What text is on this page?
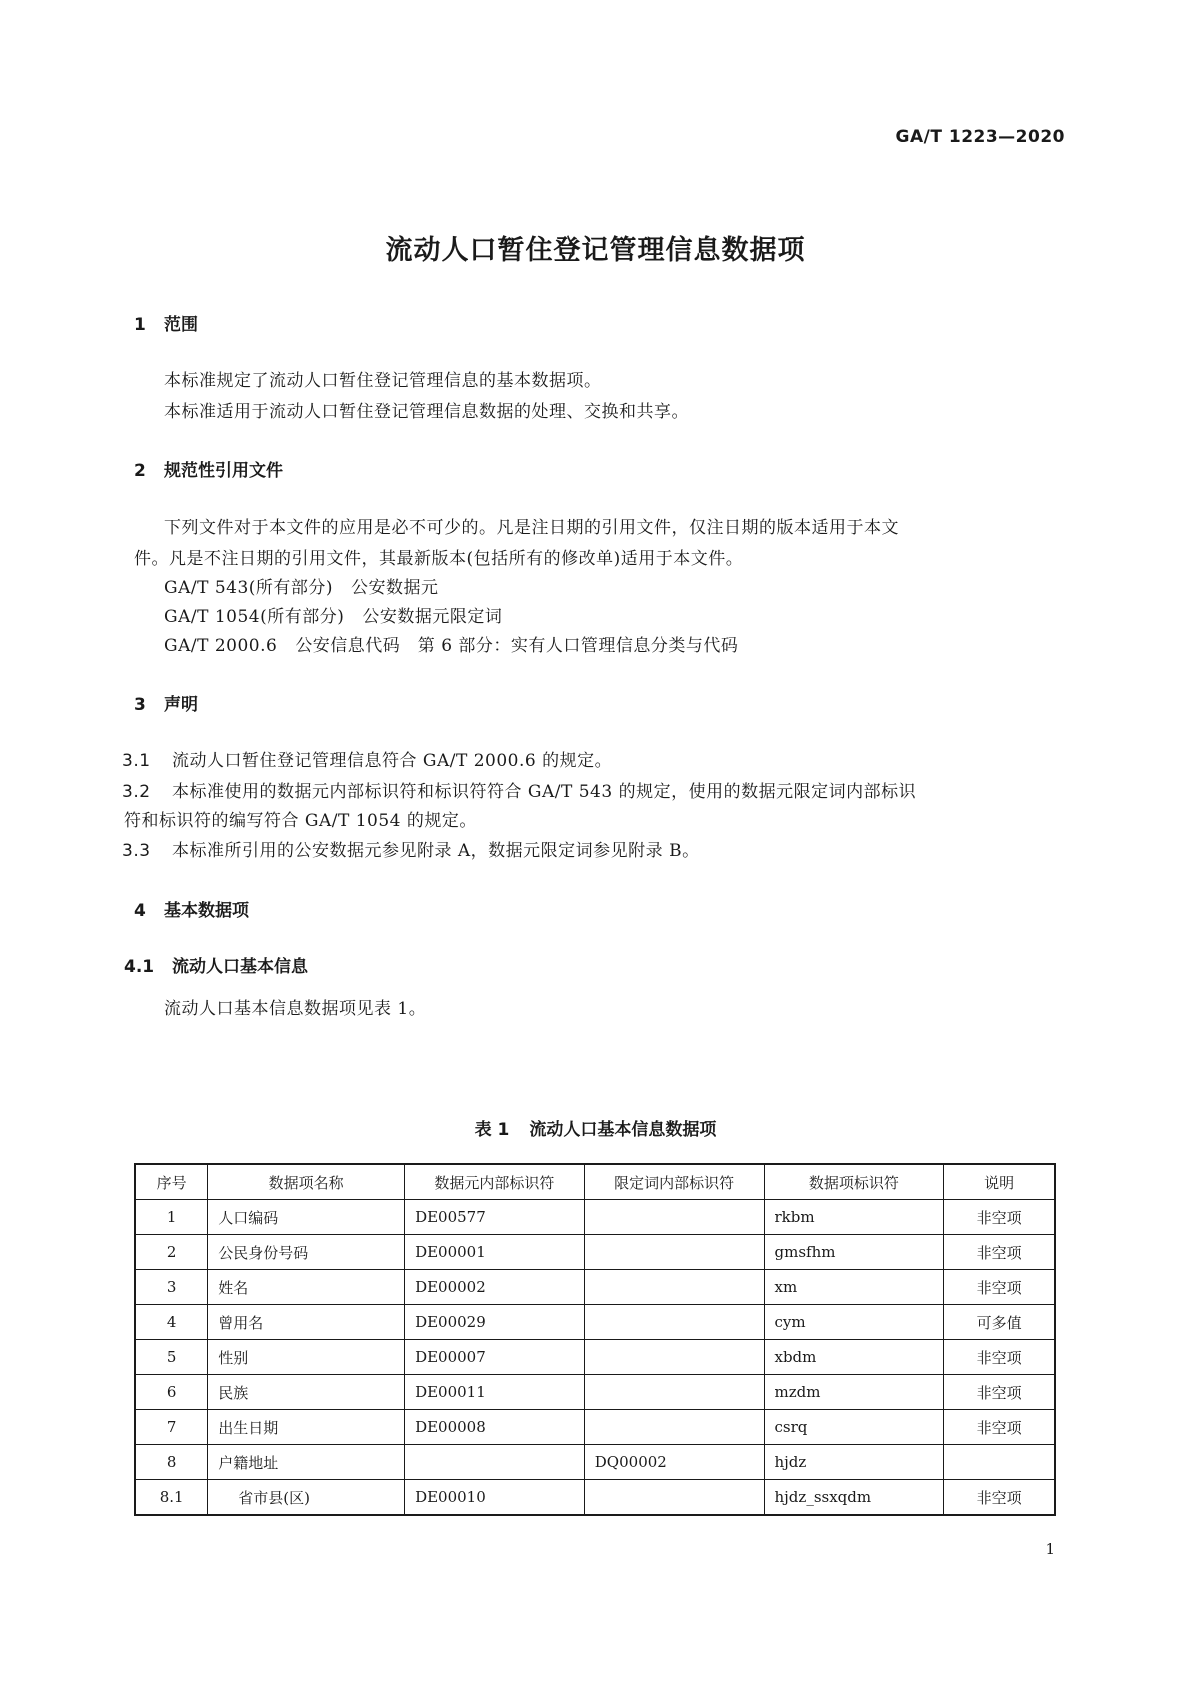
GA/T 1223—2020
流动人口暂住登记管理信息数据项
1 范围
本标准规定了流动人口暂住登记管理信息的基本数据项。
本标准适用于流动人口暂住登记管理信息数据的处理、交换和共享。
2 规范性引用文件
下列文件对于本文件的应用是必不可少的。凡是注日期的引用文件，仅注日期的版本适用于本文
件。凡是不注日期的引用文件，其最新版本(包括所有的修改单)适用于本文件。
GA/T 543(所有部分) 公安数据元
GA/T 1054(所有部分) 公安数据元限定词
GA/T 2000.6 公安信息代码　第 6 部分：实有人口管理信息分类与代码
3 声明
3.1 流动人口暂住登记管理信息符合 GA/T 2000.6 的规定。
3.2 本标准使用的数据元内部标识符和标识符符合 GA/T 543 的规定，使用的数据元限定词内部标识
符和标识符的编写符合 GA/T 1054 的规定。
3.3 本标准所引用的公安数据元参见附录 A，数据元限定词参见附录 B。
4 基本数据项
4.1 流动人口基本信息
流动人口基本信息数据项见表 1。
表 1 流动人口基本信息数据项
序号	数据项名称	数据元内部标识符	限定词内部标识符	数据项标识符	说明
1	人口编码	DE00577		rkbm	非空项
2	公民身份号码	DE00001		gmsfhm	非空项
3	姓名	DE00002		xm	非空项
4	曾用名	DE00029		cym	可多值
5	性别	DE00007		xbdm	非空项
6	民族	DE00011		mzdm	非空项
7	出生日期	DE00008		csrq	非空项
8	户籍地址		DQ00002	hjdz	
8.1	省市县(区)	DE00010		hjdz_ssxqdm	非空项
1
